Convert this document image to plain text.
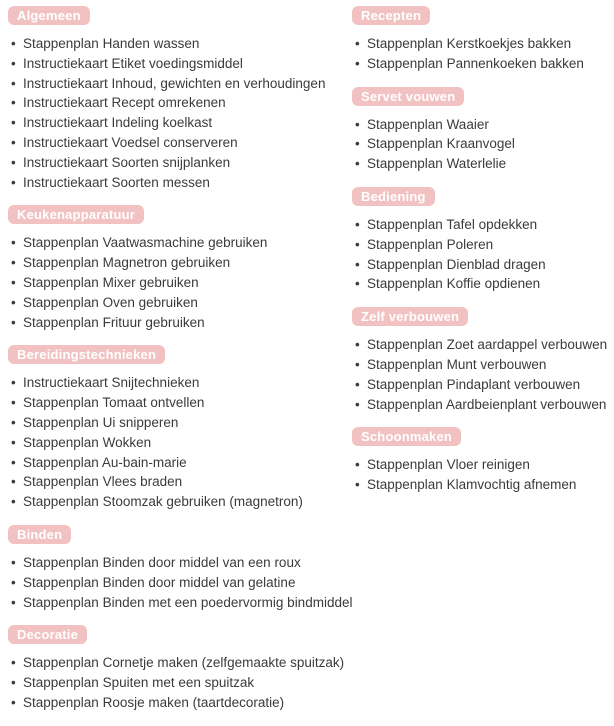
Algemeen
• Stappenplan Handen wassen
• Instructiekaart Etiket voedingsmiddel
• Instructiekaart Inhoud, gewichten en verhoudingen
• Instructiekaart Recept omrekenen
• Instructiekaart Indeling koelkast
• Instructiekaart Voedsel conserveren
• Instructiekaart Soorten snijplanken
• Instructiekaart Soorten messen
Keukenapparatuur
• Stappenplan Vaatwasmachine gebruiken
• Stappenplan Magnetron gebruiken
• Stappenplan Mixer gebruiken
• Stappenplan Oven gebruiken
• Stappenplan Frituur gebruiken
Bereidingstechnieken
• Instructiekaart Snijtechnieken
• Stappenplan Tomaat ontvellen
• Stappenplan Ui snipperen
• Stappenplan Wokken
• Stappenplan Au-bain-marie
• Stappenplan Vlees braden
• Stappenplan Stoomzak gebruiken (magnetron)
Binden
• Stappenplan Binden door middel van een roux
• Stappenplan Binden door middel van gelatine
• Stappenplan Binden met een poedervormig bindmiddel
Decoratie
• Stappenplan Cornetje maken (zelfgemaakte spuitzak)
• Stappenplan Spuiten met een spuitzak
• Stappenplan Roosje maken (taartdecoratie)
Recepten
• Stappenplan Kerstkoekjes bakken
• Stappenplan Pannenkoeken bakken
Servet vouwen
• Stappenplan Waaier
• Stappenplan Kraanvogel
• Stappenplan Waterlelie
Bediening
• Stappenplan Tafel opdekken
• Stappenplan Poleren
• Stappenplan Dienblad dragen
• Stappenplan Koffie opdienen
Zelf verbouwen
• Stappenplan Zoet aardappel verbouwen
• Stappenplan Munt verbouwen
• Stappenplan Pindaplant verbouwen
• Stappenplan Aardbeienplant verbouwen
Schoonmaken
• Stappenplan Vloer reinigen
• Stappenplan Klamvochtig afnemen
